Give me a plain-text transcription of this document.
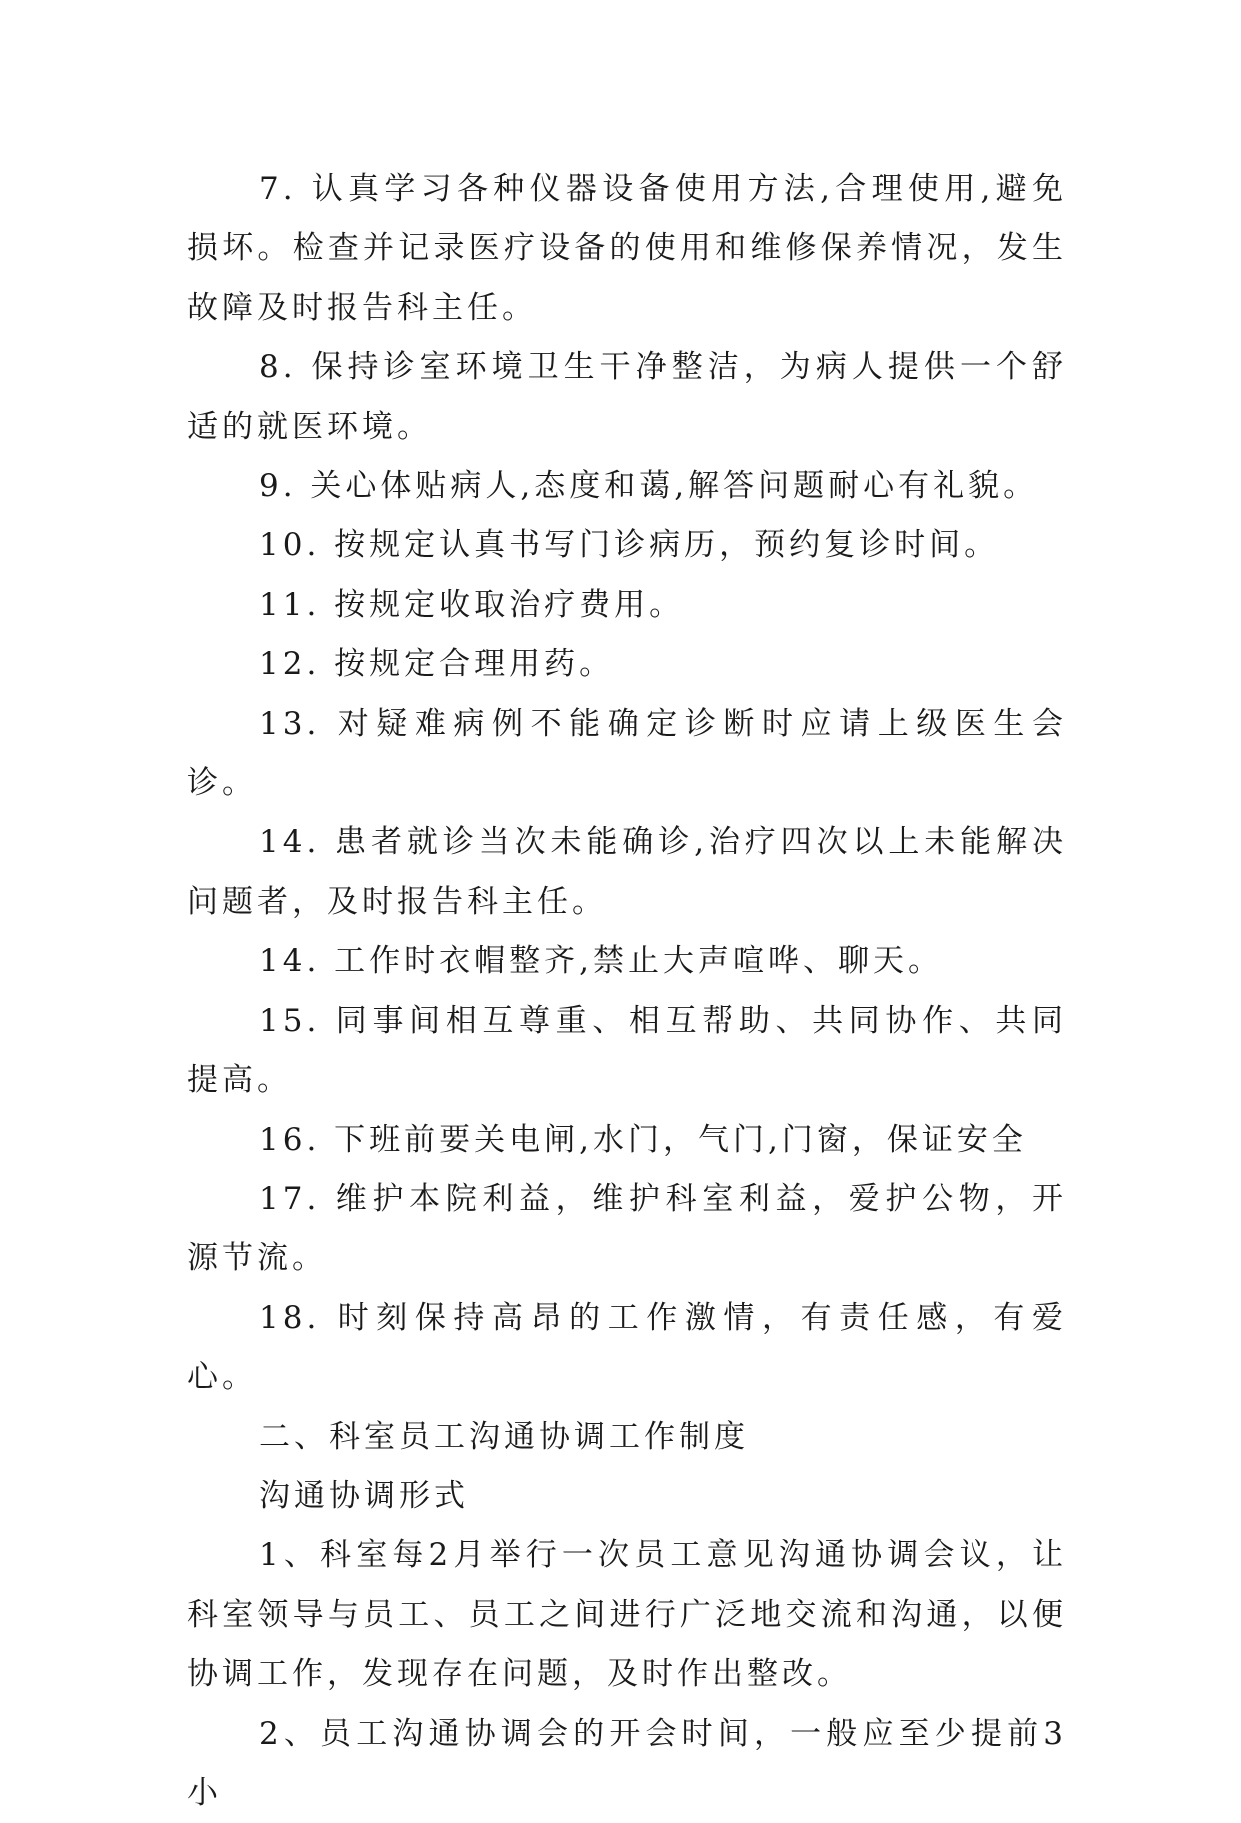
7. 认真学习各种仪器设备使用方法,合理使用,避免损坏。检查并记录医疗设备的使用和维修保养情况，发生故障及时报告科主任。

8. 保持诊室环境卫生干净整洁，为病人提供一个舒适的就医环境。

9. 关心体贴病人,态度和蔼,解答问题耐心有礼貌。

10. 按规定认真书写门诊病历，预约复诊时间。

11. 按规定收取治疗费用。

12. 按规定合理用药。

13. 对疑难病例不能确定诊断时应请上级医生会诊。

14. 患者就诊当次未能确诊,治疗四次以上未能解决问题者，及时报告科主任。

14. 工作时衣帽整齐,禁止大声喧哗、聊天。

15. 同事间相互尊重、相互帮助、共同协作、共同提高。

16. 下班前要关电闸,水门，气门,门窗，保证安全

17. 维护本院利益，维护科室利益，爱护公物，开源节流。

18. 时刻保持高昂的工作激情，有责任感，有爱心。

二、科室员工沟通协调工作制度

沟通协调形式

1、科室每2月举行一次员工意见沟通协调会议，让科室领导与员工、员工之间进行广泛地交流和沟通，以便协调工作，发现存在问题，及时作出整改。

2、员工沟通协调会的开会时间，一般应至少提前3小
